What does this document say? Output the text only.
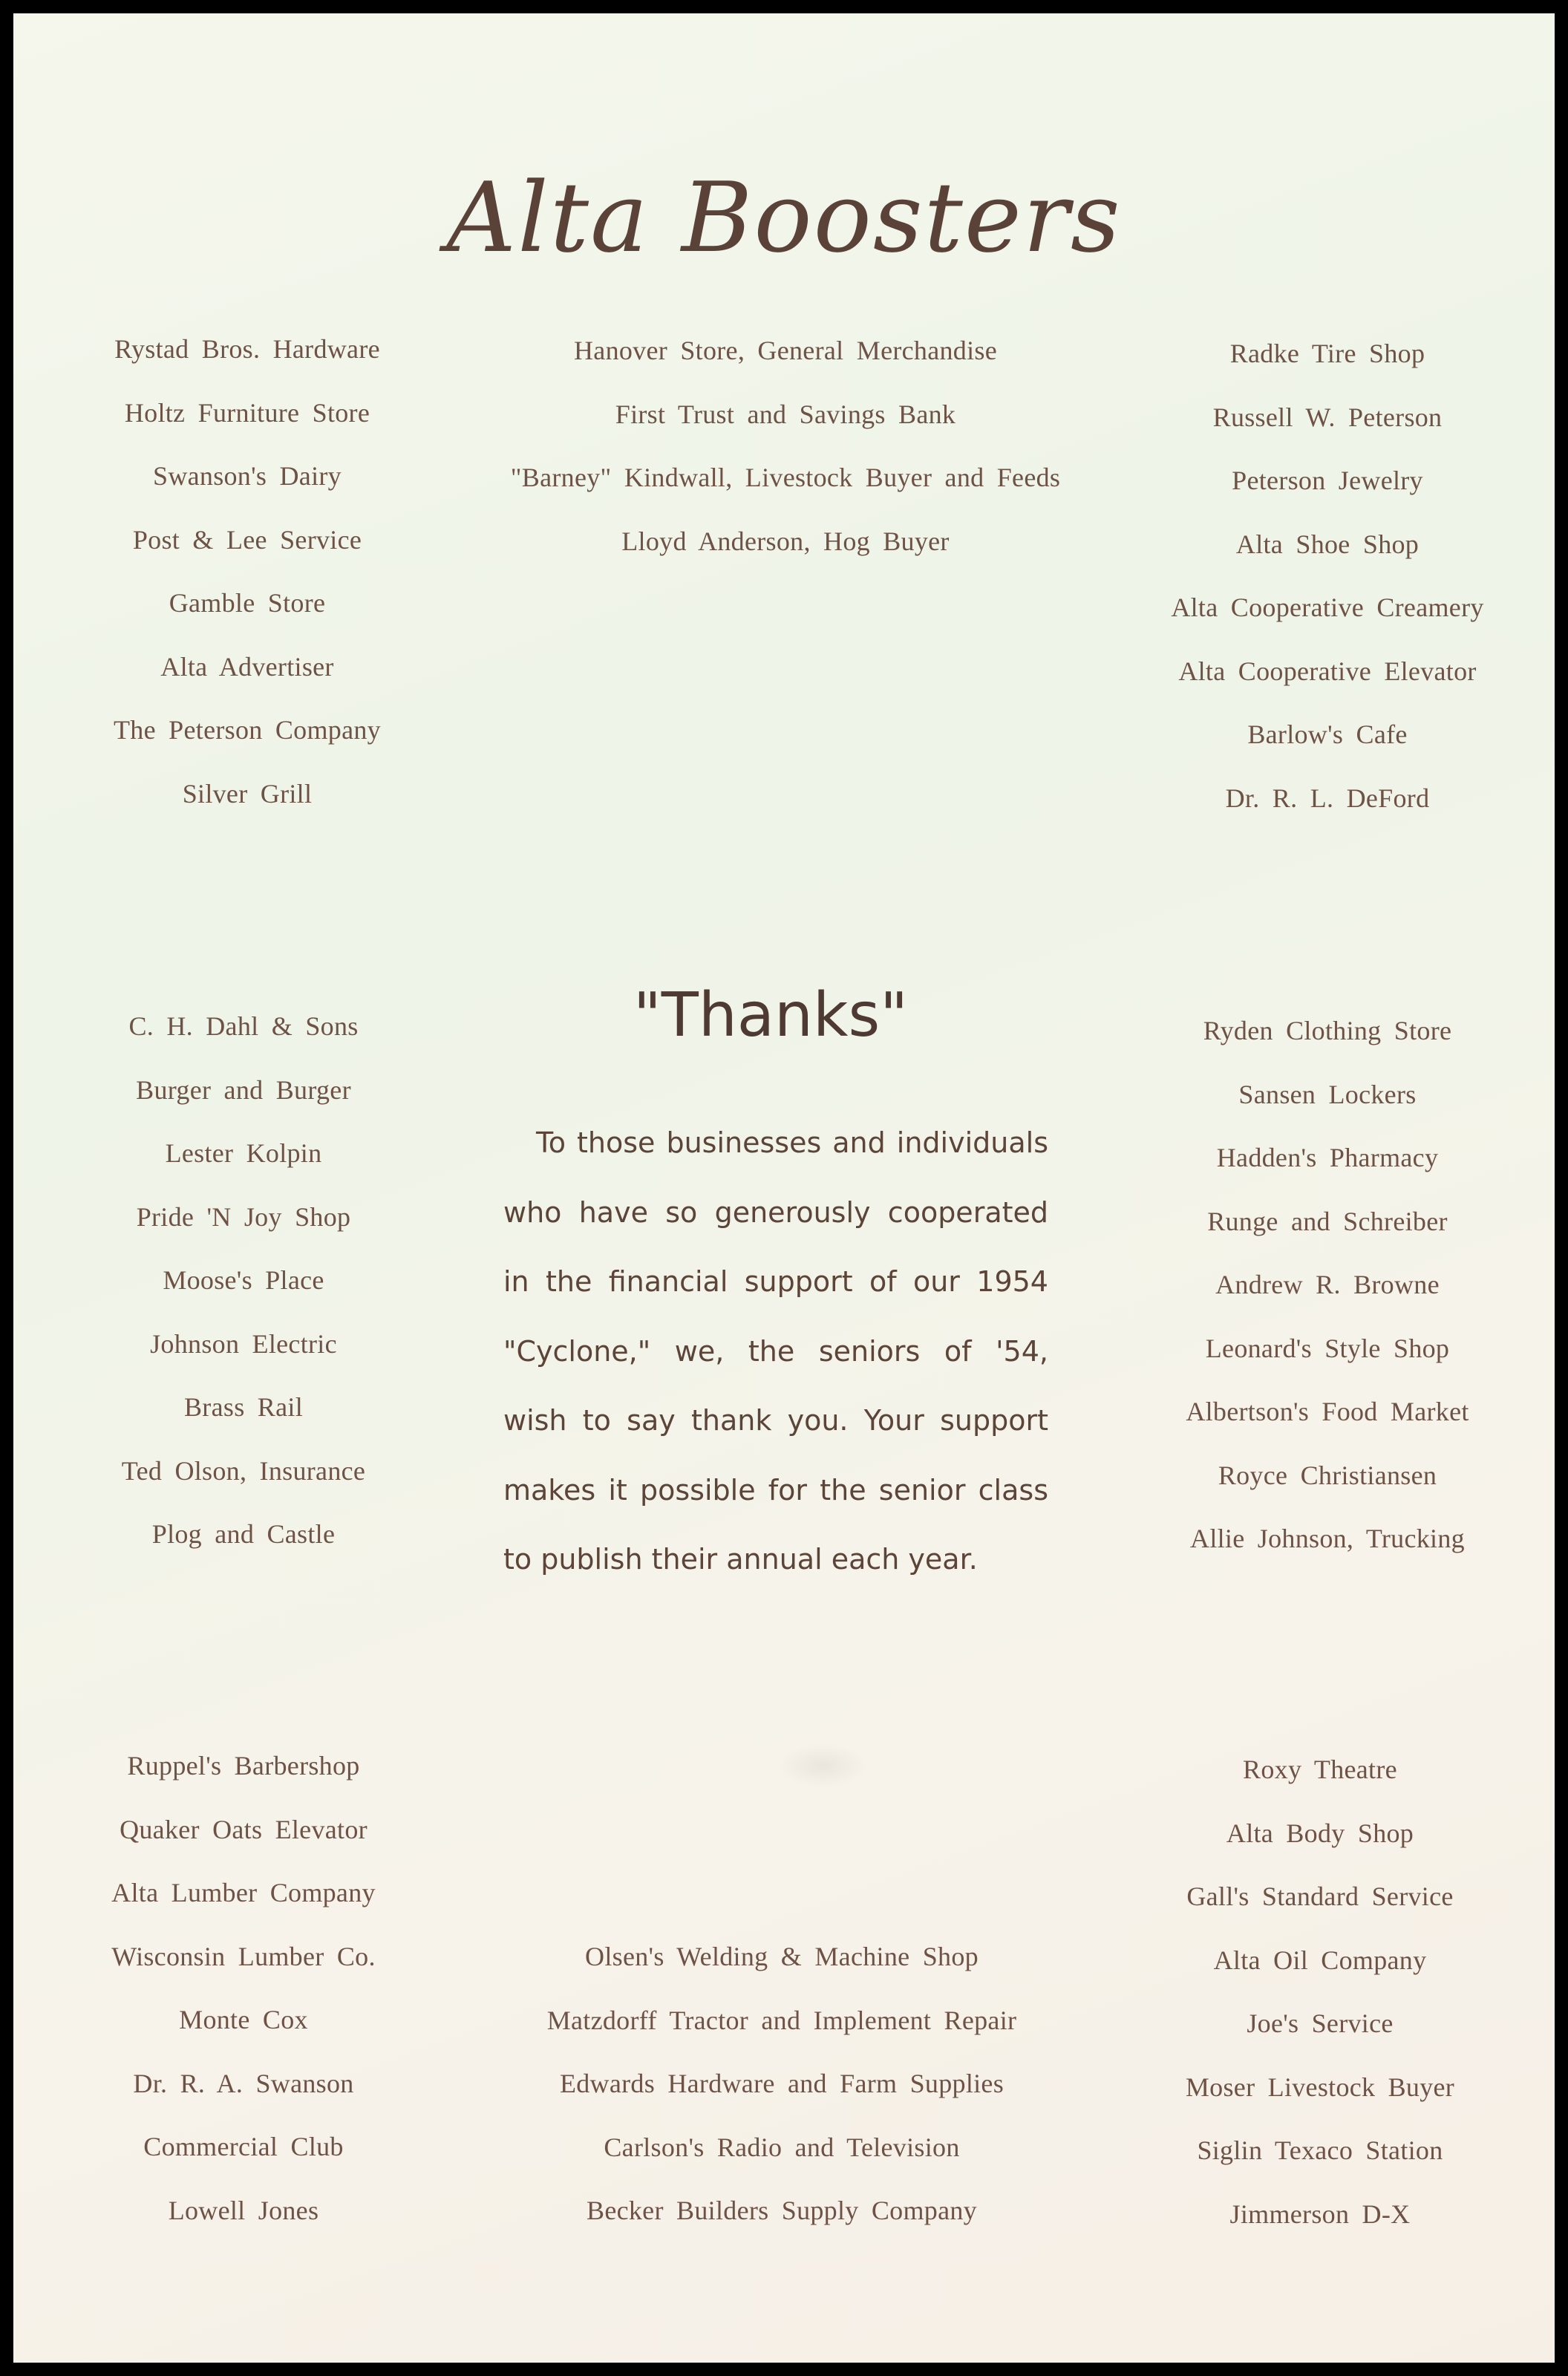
Alta Boosters
Rystad Bros. Hardware
Holtz Furniture Store
Swanson's Dairy
Post & Lee Service
Gamble Store
Alta Advertiser
The Peterson Company
Silver Grill
Hanover Store, General Merchandise
First Trust and Savings Bank
"Barney" Kindwall, Livestock Buyer and Feeds
Lloyd Anderson, Hog Buyer
Radke Tire Shop
Russell W. Peterson
Peterson Jewelry
Alta Shoe Shop
Alta Cooperative Creamery
Alta Cooperative Elevator
Barlow's Cafe
Dr. R. L. DeFord
C. H. Dahl & Sons
Burger and Burger
Lester Kolpin
Pride 'N Joy Shop
Moose's Place
Johnson Electric
Brass Rail
Ted Olson, Insurance
Plog and Castle
"Thanks"
To those businesses and individuals
who have so generously cooperated
in the financial support of our 1954
"Cyclone," we, the seniors of '54,
wish to say thank you. Your support
makes it possible for the senior class
to publish their annual each year.
Ryden Clothing Store
Sansen Lockers
Hadden's Pharmacy
Runge and Schreiber
Andrew R. Browne
Leonard's Style Shop
Albertson's Food Market
Royce Christiansen
Allie Johnson, Trucking
Ruppel's Barbershop
Quaker Oats Elevator
Alta Lumber Company
Wisconsin Lumber Co.
Monte Cox
Dr. R. A. Swanson
Commercial Club
Lowell Jones
Olsen's Welding & Machine Shop
Matzdorff Tractor and Implement Repair
Edwards Hardware and Farm Supplies
Carlson's Radio and Television
Becker Builders Supply Company
Roxy Theatre
Alta Body Shop
Gall's Standard Service
Alta Oil Company
Joe's Service
Moser Livestock Buyer
Siglin Texaco Station
Jimmerson D-X
